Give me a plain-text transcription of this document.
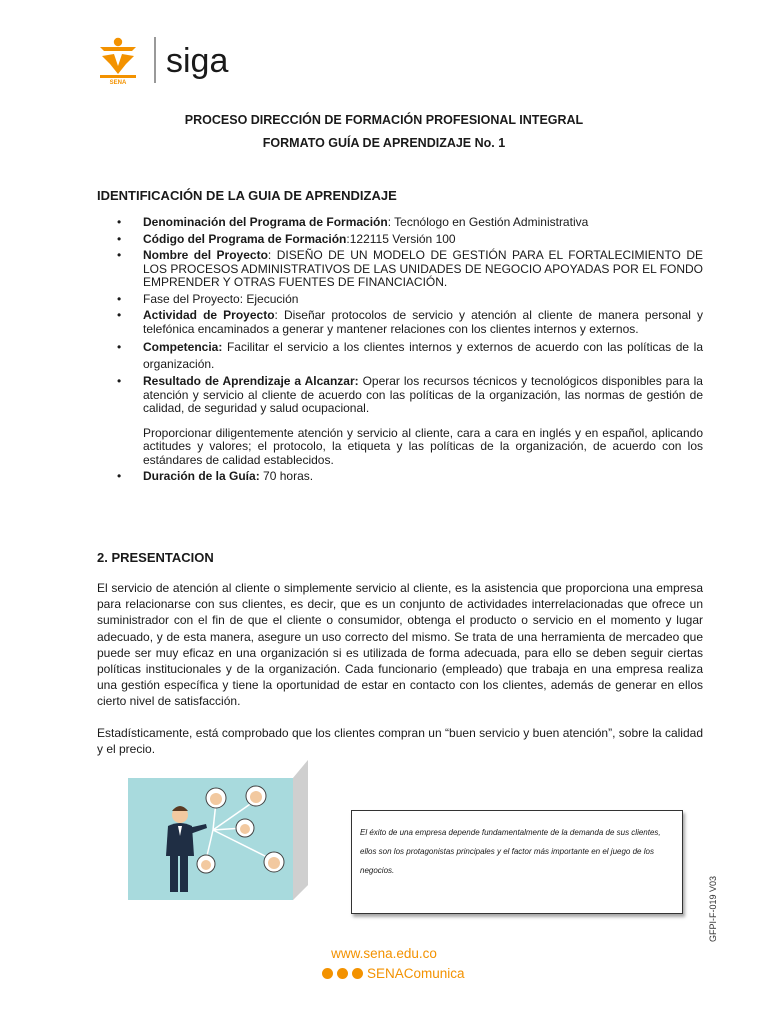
SENA
siga
PROCESO DIRECCIÓN DE FORMACIÓN PROFESIONAL INTEGRAL
FORMATO GUÍA DE APRENDIZAJE No. 1
IDENTIFICACIÓN DE LA GUIA DE APRENDIZAJE
• Denominación del Programa de Formación: Tecnólogo en Gestión Administrativa
• Código del Programa de Formación:122115 Versión 100
• Nombre del Proyecto: DISEÑO DE UN MODELO DE GESTIÓN PARA EL FORTALECIMIENTO DE LOS PROCESOS ADMINISTRATIVOS DE LAS UNIDADES DE NEGOCIO APOYADAS POR EL FONDO EMPRENDER Y OTRAS FUENTES DE FINANCIACIÓN.
• Fase del Proyecto: Ejecución
• Actividad de Proyecto: Diseñar protocolos de servicio y atención al cliente de manera personal y telefónica encaminados a generar y mantener relaciones con los clientes internos y externos.
• Competencia: Facilitar el servicio a los clientes internos y externos de acuerdo con las políticas de la organización.
• Resultado de Aprendizaje a Alcanzar: Operar los recursos técnicos y tecnológicos disponibles para la atención y servicio al cliente de acuerdo con las políticas de la organización, las normas de gestión de calidad, de seguridad y salud ocupacional.
Proporcionar diligentemente atención y servicio al cliente, cara a cara en inglés y en español, aplicando actitudes y valores; el protocolo, la etiqueta y las políticas de la organización, de acuerdo con los estándares de calidad establecidos.
• Duración de la Guía: 70 horas.
2. PRESENTACION
El servicio de atención al cliente o simplemente servicio al cliente, es la asistencia que proporciona una empresa para relacionarse con sus clientes, es decir, que es un conjunto de actividades interrelacionadas que ofrece un suministrador con el fin de que el cliente o consumidor, obtenga el producto o servicio en el momento y lugar adecuado, y de esta manera, asegure un uso correcto del mismo. Se trata de una herramienta de mercadeo que puede ser muy eficaz en una organización si es utilizada de forma adecuada, para ello se deben seguir ciertas políticas institucionales y de la organización. Cada funcionario (empleado) que trabaja en una empresa realiza una gestión específica y tiene la oportunidad de estar en contacto con los clientes, además de generar en ellos cierto nivel de satisfacción.
Estadísticamente, está comprobado que los clientes compran un “buen servicio y buen atención”, sobre la calidad y el precio.
El éxito de una empresa depende fundamentalmente de la demanda de sus clientes, ellos son los protagonistas principales y el factor más importante en el juego de los negocios.
www.sena.edu.co
SENAComunica
GFPI-F-019 V03
